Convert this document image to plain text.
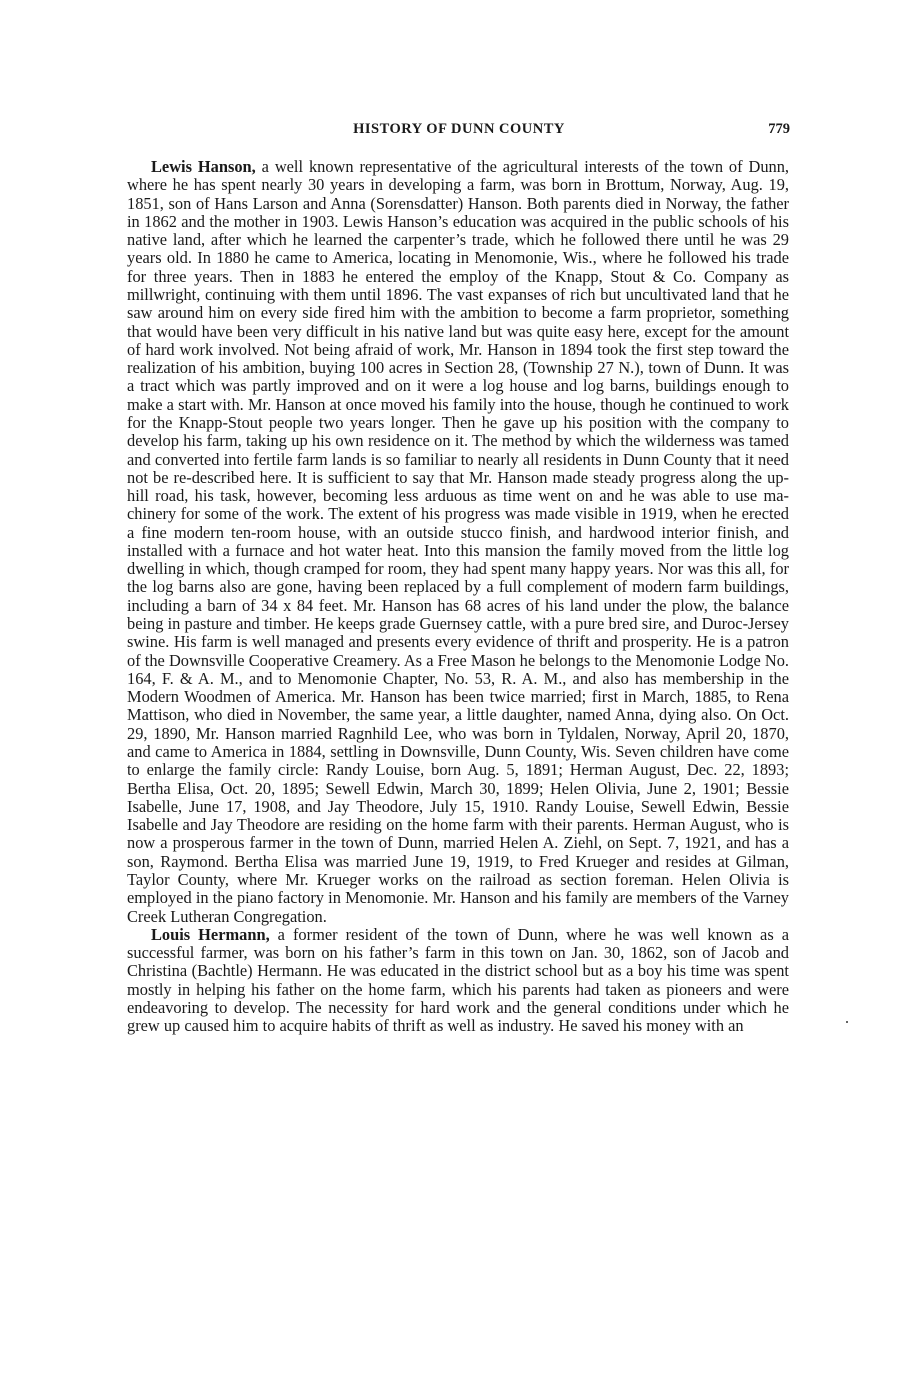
HISTORY OF DUNN COUNTY	779

Lewis Hanson, a well known representative of the agricultural interests of the town of Dunn, where he has spent nearly 30 years in developing a farm, was born in Brottum, Norway, Aug. 19, 1851, son of Hans Larson and Anna (Sorensdatter) Hanson. Both parents died in Norway, the father in 1862 and the mother in 1903. Lewis Hanson’s education was acquired in the public schools of his native land, after which he learned the carpenter’s trade, which he followed there until he was 29 years old. In 1880 he came to America, locating in Menomonie, Wis., where he followed his trade for three years. Then in 1883 he entered the employ of the Knapp, Stout & Co. Company as millwright, continuing with them until 1896. The vast expanses of rich but uncultivated land that he saw around him on every side fired him with the ambition to become a farm proprietor, something that would have been very difficult in his native land but was quite easy here, except for the amount of hard work involved. Not being afraid of work, Mr. Hanson in 1894 took the first step toward the realization of his ambition, buying 100 acres in Section 28, (Township 27 N.), town of Dunn. It was a tract which was partly improved and on it were a log house and log barns, buildings enough to make a start with. Mr. Hanson at once moved his family into the house, though he continued to work for the Knapp-Stout people two years longer. Then he gave up his position with the company to develop his farm, taking up his own residence on it. The method by which the wilderness was tamed and converted into fertile farm lands is so familiar to nearly all residents in Dunn County that it need not be re-described here. It is sufficient to say that Mr. Hanson made steady progress along the up-hill road, his task, however, becoming less arduous as time went on and he was able to use machinery for some of the work. The extent of his progress was made visible in 1919, when he erected a fine modern ten-room house, with an outside stucco finish, and hardwood interior finish, and installed with a furnace and hot water heat. Into this mansion the family moved from the little log dwelling in which, though cramped for room, they had spent many happy years. Nor was this all, for the log barns also are gone, having been replaced by a full complement of modern farm buildings, including a barn of 34 x 84 feet. Mr. Hanson has 68 acres of his land under the plow, the balance being in pasture and timber. He keeps grade Guernsey cattle, with a pure bred sire, and Duroc-Jersey swine. His farm is well managed and presents every evidence of thrift and prosperity. He is a patron of the Downsville Cooperative Creamery. As a Free Mason he belongs to the Menomonie Lodge No. 164, F. & A. M., and to Menomonie Chapter, No. 53, R. A. M., and also has membership in the Modern Woodmen of America. Mr. Hanson has been twice married; first in March, 1885, to Rena Mattison, who died in November, the same year, a little daughter, named Anna, dying also. On Oct. 29, 1890, Mr. Hanson married Ragnhild Lee, who was born in Tyldalen, Norway, April 20, 1870, and came to America in 1884, settling in Downsville, Dunn County, Wis. Seven children have come to enlarge the family circle: Randy Louise, born Aug. 5, 1891; Herman August, Dec. 22, 1893; Bertha Elisa, Oct. 20, 1895; Sewell Edwin, March 30, 1899; Helen Olivia, June 2, 1901; Bessie Isabelle, June 17, 1908, and Jay Theodore, July 15, 1910. Randy Louise, Sewell Edwin, Bessie Isabelle and Jay Theodore are residing on the home farm with their parents. Herman August, who is now a prosperous farmer in the town of Dunn, married Helen A. Ziehl, on Sept. 7, 1921, and has a son, Raymond. Bertha Elisa was married June 19, 1919, to Fred Krueger and resides at Gilman, Taylor County, where Mr. Krueger works on the railroad as section foreman. Helen Olivia is employed in the piano factory in Menomonie. Mr. Hanson and his family are members of the Varney Creek Lutheran Congregation.

Louis Hermann, a former resident of the town of Dunn, where he was well known as a successful farmer, was born on his father’s farm in this town on Jan. 30, 1862, son of Jacob and Christina (Bachtle) Hermann. He was educated in the district school but as a boy his time was spent mostly in helping his father on the home farm, which his parents had taken as pioneers and were endeavoring to develop. The necessity for hard work and the general conditions under which he grew up caused him to acquire habits of thrift as well as industry. He saved his money with an
